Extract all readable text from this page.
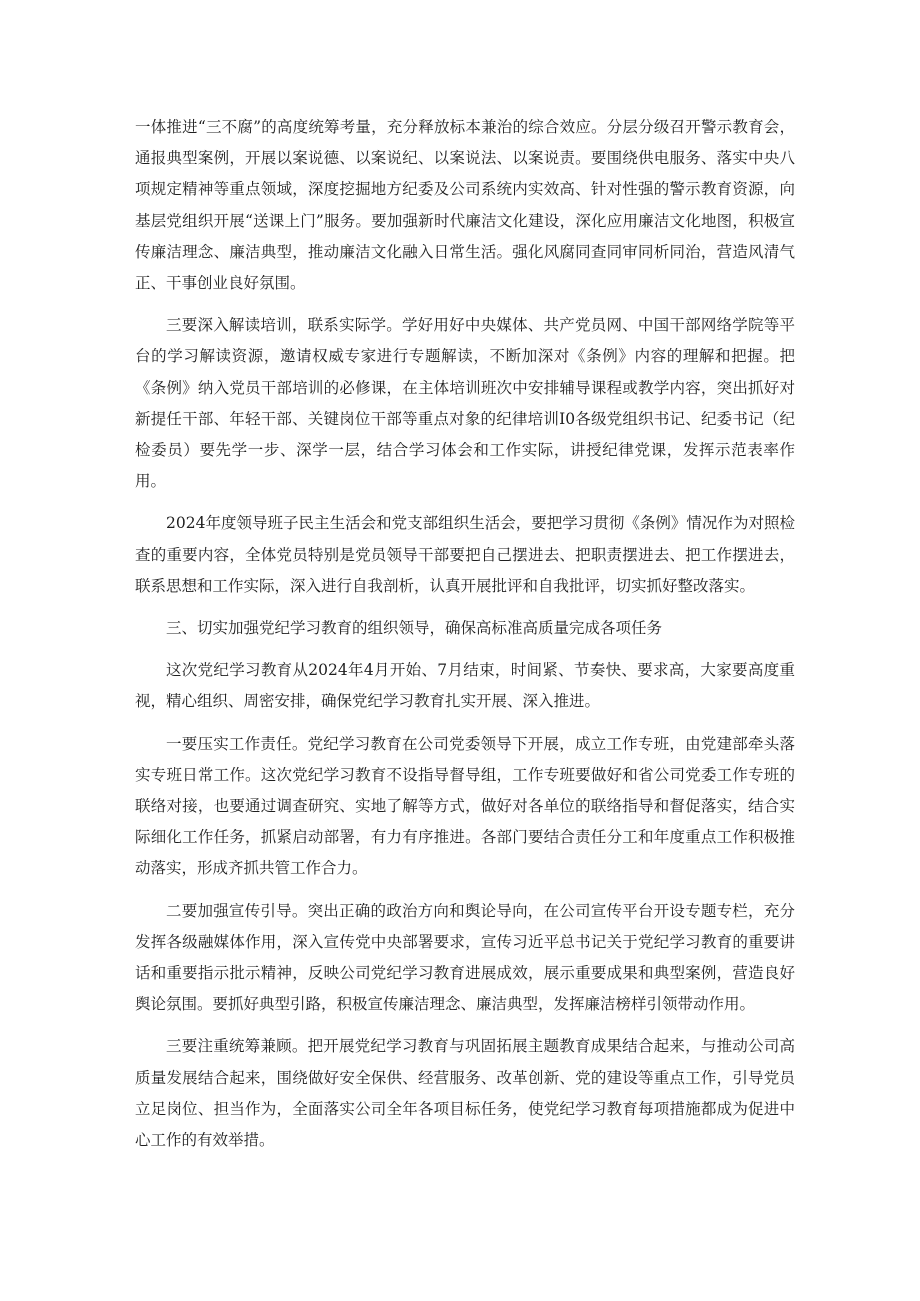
一体推进“三不腐”的高度统筹考量，充分释放标本兼治的综合效应。分层分级召开警示教育会，通报典型案例，开展以案说德、以案说纪、以案说法、以案说责。要围绕供电服务、落实中央八项规定精神等重点领域，深度挖掘地方纪委及公司系统内实效高、针对性强的警示教育资源，向基层党组织开展“送课上门”服务。要加强新时代廉洁文化建设，深化应用廉洁文化地图，积极宣传廉洁理念、廉洁典型，推动廉洁文化融入日常生活。强化风腐同查同审同析同治，营造风清气正、干事创业良好氛围。

三要深入解读培训，联系实际学。学好用好中央媒体、共产党员网、中国干部网络学院等平台的学习解读资源，邀请权威专家进行专题解读，不断加深对《条例》内容的理解和把握。把《条例》纳入党员干部培训的必修课，在主体培训班次中安排辅导课程或教学内容，突出抓好对新提任干部、年轻干部、关键岗位干部等重点对象的纪律培训I0各级党组织书记、纪委书记（纪检委员）要先学一步、深学一层，结合学习体会和工作实际，讲授纪律党课，发挥示范表率作用。

2024年度领导班子民主生活会和党支部组织生活会，要把学习贯彻《条例》情况作为对照检查的重要内容，全体党员特别是党员领导干部要把自己摆进去、把职责摆进去、把工作摆进去，联系思想和工作实际，深入进行自我剖析，认真开展批评和自我批评，切实抓好整改落实。

三、切实加强党纪学习教育的组织领导，确保高标准高质量完成各项任务

这次党纪学习教育从2024年4月开始、7月结束，时间紧、节奏快、要求高，大家要高度重视，精心组织、周密安排，确保党纪学习教育扎实开展、深入推进。

一要压实工作责任。党纪学习教育在公司党委领导下开展，成立工作专班，由党建部牵头落实专班日常工作。这次党纪学习教育不设指导督导组，工作专班要做好和省公司党委工作专班的联络对接，也要通过调查研究、实地了解等方式，做好对各单位的联络指导和督促落实，结合实际细化工作任务，抓紧启动部署，有力有序推进。各部门要结合责任分工和年度重点工作积极推动落实，形成齐抓共管工作合力。

二要加强宣传引导。突出正确的政治方向和舆论导向，在公司宣传平台开设专题专栏，充分发挥各级融媒体作用，深入宣传党中央部署要求，宣传习近平总书记关于党纪学习教育的重要讲话和重要指示批示精神，反映公司党纪学习教育进展成效，展示重要成果和典型案例，营造良好舆论氛围。要抓好典型引路，积极宣传廉洁理念、廉洁典型，发挥廉洁榜样引领带动作用。

三要注重统筹兼顾。把开展党纪学习教育与巩固拓展主题教育成果结合起来，与推动公司高质量发展结合起来，围绕做好安全保供、经营服务、改革创新、党的建设等重点工作，引导党员立足岗位、担当作为，全面落实公司全年各项目标任务，使党纪学习教育每项措施都成为促进中心工作的有效举措。
